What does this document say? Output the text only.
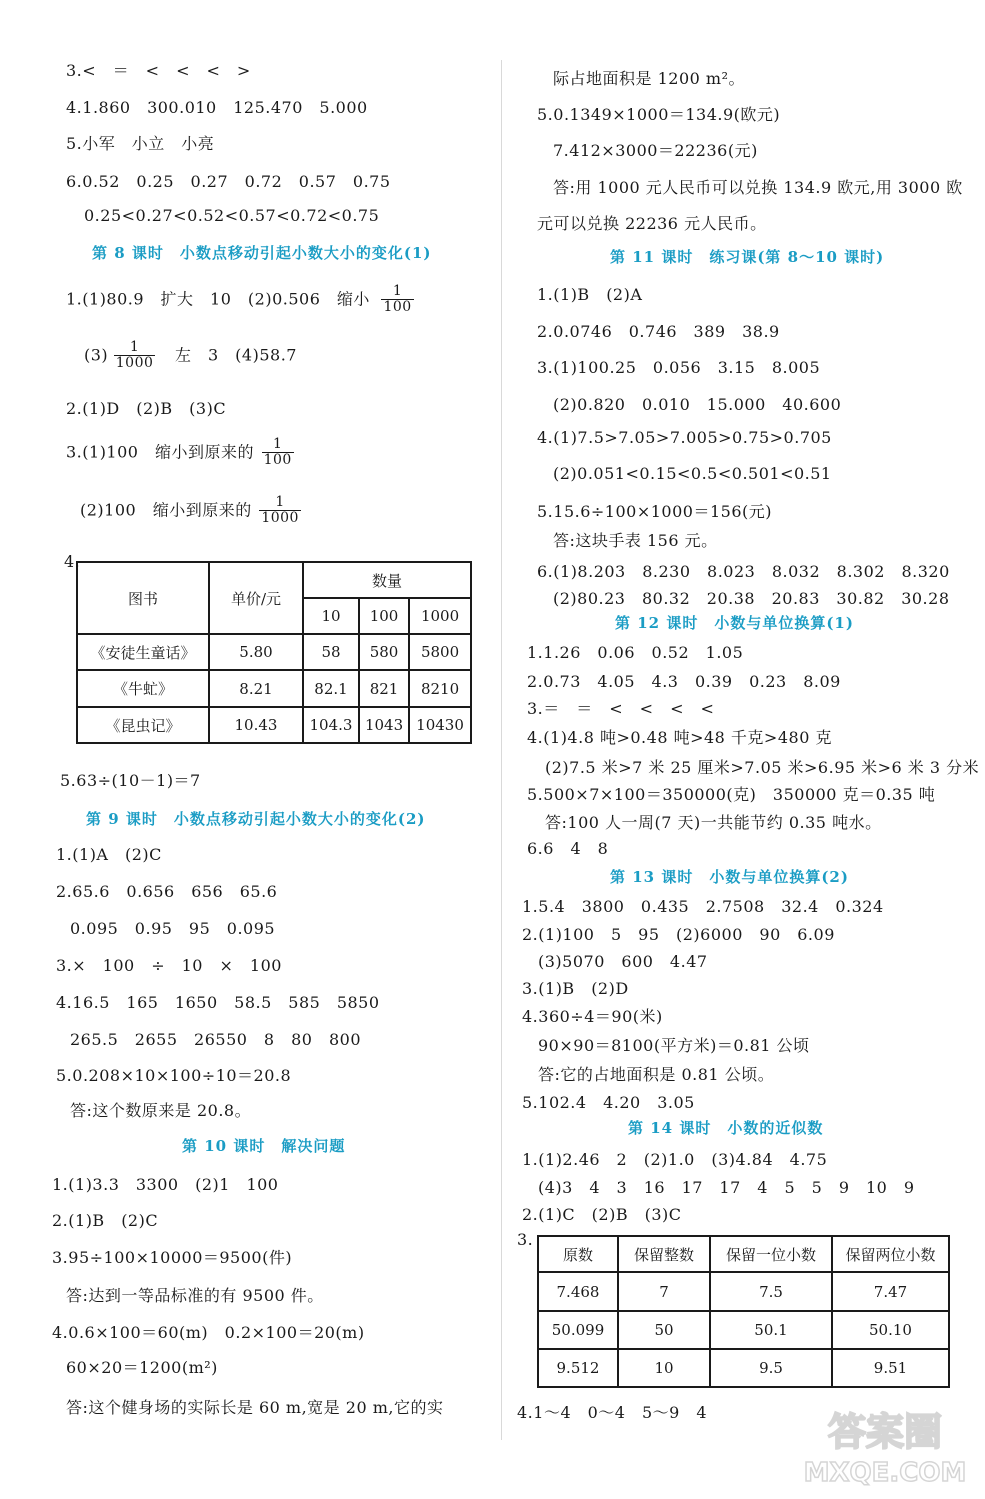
3.<　＝　<　<　<　>
4.1.860　300.010　125.470　5.000
5.小军　小立　小亮
6.0.52　0.25　0.27　0.72　0.57　0.75
0.25<0.27<0.52<0.57<0.72<0.75
第 8 课时　小数点移动引起小数大小的变化(1)
1.(1)80.9　扩大　10　(2)0.506　缩小 $\frac{1}{100}$
$(3) \frac{1}{1000}$ 左　3　(4)58.7
2.(1)D　(2)B　(3)C
3.(1)100　缩小到原来的 $\frac{1}{100}$
(2)100　缩小到原来的 $\frac{1}{1000}$
4.
图书	单价/元	数量		
		10	100	1000
《安徒生童话》	5.80	58	580	5800
《牛虻》	8.21	82.1	821	8210
《昆虫记》	10.43	104.3	1043	10430
5.63÷(10－1)＝7
第 9 课时　小数点移动引起小数大小的变化(2)
1.(1)A　(2)C
2.65.6　0.656　656　65.6
0.095　0.95　95　0.095
3.×　100　÷　10　×　100
4.16.5　165　1650　58.5　585　5850
265.5　2655　26550　8　80　800
5.0.208×10×100÷10＝20.8
答:这个数原来是 20.8。
第 10 课时　解决问题
1.(1)3.3　3300　(2)1　100
2.(1)B　(2)C
3.95÷100×10000＝9500(件)
答:达到一等品标准的有 9500 件。
4.0.6×100＝60(m)　0.2×100＝20(m)
60×20＝1200(m²)
答:这个健身场的实际长是 60 m,宽是 20 m,它的实
际占地面积是 1200 m²。
5.0.1349×1000＝134.9(欧元)
7.412×3000＝22236(元)
答:用 1000 元人民币可以兑换 134.9 欧元,用 3000 欧
元可以兑换 22236 元人民币。
第 11 课时　练习课(第 8～10 课时)
1.(1)B　(2)A
2.0.0746　0.746　389　38.9
3.(1)100.25　0.056　3.15　8.005
(2)0.820　0.010　15.000　40.600
4.(1)7.5>7.05>7.005>0.75>0.705
(2)0.051<0.15<0.5<0.501<0.51
5.15.6÷100×1000＝156(元)
答:这块手表 156 元。
6.(1)8.203　8.230　8.023　8.032　8.302　8.320
(2)80.23　80.32　20.38　20.83　30.82　30.28
第 12 课时　小数与单位换算(1)
1.1.26　0.06　0.52　1.05
2.0.73　4.05　4.3　0.39　0.23　8.09
3.＝　＝　<　<　<　<
4.(1)4.8 吨>0.48 吨>48 千克>480 克
(2)7.5 米>7 米 25 厘米>7.05 米>6.95 米>6 米 3 分米
5.500×7×100＝350000(克)　350000 克＝0.35 吨
答:100 人一周(7 天)一共能节约 0.35 吨水。
6.6　4　8
第 13 课时　小数与单位换算(2)
1.5.4　3800　0.435　2.7508　32.4　0.324
2.(1)100　5　95　(2)6000　90　6.09
(3)5070　600　4.47
3.(1)B　(2)D
4.360÷4＝90(米)
90×90＝8100(平方米)＝0.81 公顷
答:它的占地面积是 0.81 公顷。
5.102.4　4.20　3.05
第 14 课时　小数的近似数
1.(1)2.46　2　(2)1.0　(3)4.84　4.75
(4)3　4　3　16　17　17　4　5　5　9　10　9
2.(1)C　(2)B　(3)C
3.
原数	保留整数	保留一位小数	保留两位小数
7.468	7	7.5	7.47
50.099	50	50.1	50.10
9.512	10	9.5	9.51
4.1～4　0～4　5～9　4	答案圈
MXQE.COM
